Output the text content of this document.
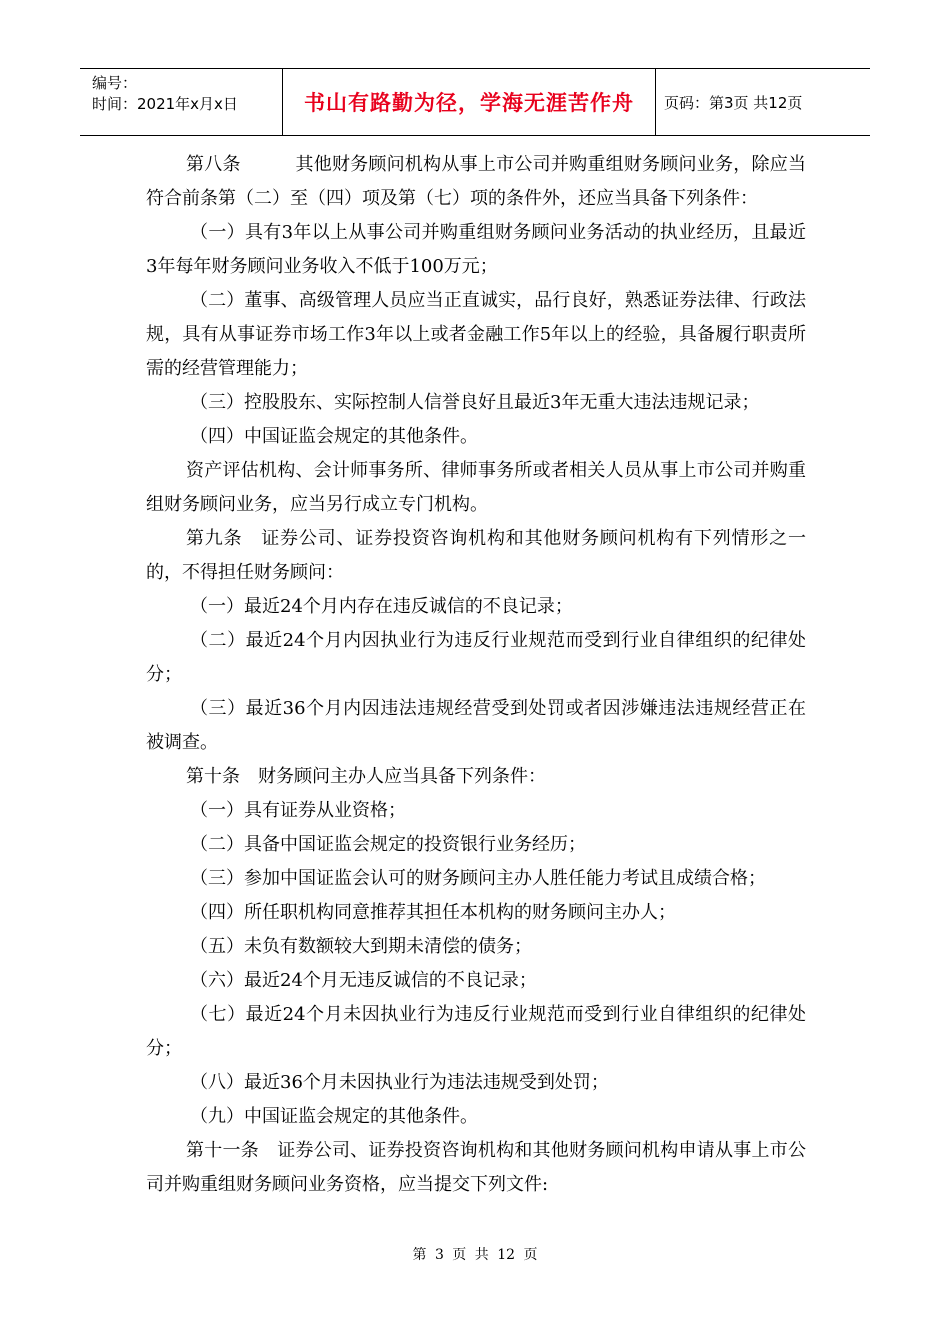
编号：
时间：2021年x月x日	书山有路勤为径，学海无涯苦作舟	页码：第3页 共12页

第八条　　　其他财务顾问机构从事上市公司并购重组财务顾问业务，除应当符合前条第（二）至（四）项及第（七）项的条件外，还应当具备下列条件：

（一）具有3年以上从事公司并购重组财务顾问业务活动的执业经历，且最近3年每年财务顾问业务收入不低于100万元；

（二）董事、高级管理人员应当正直诚实，品行良好，熟悉证券法律、行政法规，具有从事证券市场工作3年以上或者金融工作5年以上的经验，具备履行职责所需的经营管理能力；

（三）控股股东、实际控制人信誉良好且最近3年无重大违法违规记录；

（四）中国证监会规定的其他条件。

资产评估机构、会计师事务所、律师事务所或者相关人员从事上市公司并购重组财务顾问业务，应当另行成立专门机构。

第九条　证券公司、证券投资咨询机构和其他财务顾问机构有下列情形之一的，不得担任财务顾问：

（一）最近24个月内存在违反诚信的不良记录；

（二）最近24个月内因执业行为违反行业规范而受到行业自律组织的纪律处分；

（三）最近36个月内因违法违规经营受到处罚或者因涉嫌违法违规经营正在被调查。

第十条　财务顾问主办人应当具备下列条件：

（一）具有证券从业资格；

（二）具备中国证监会规定的投资银行业务经历；

（三）参加中国证监会认可的财务顾问主办人胜任能力考试且成绩合格；

（四）所任职机构同意推荐其担任本机构的财务顾问主办人；

（五）未负有数额较大到期未清偿的债务；

（六）最近24个月无违反诚信的不良记录；

（七）最近24个月未因执业行为违反行业规范而受到行业自律组织的纪律处分；

（八）最近36个月未因执业行为违法违规受到处罚；

（九）中国证监会规定的其他条件。

第十一条　证券公司、证券投资咨询机构和其他财务顾问机构申请从事上市公司并购重组财务顾问业务资格，应当提交下列文件:

第 3 页 共 12 页
